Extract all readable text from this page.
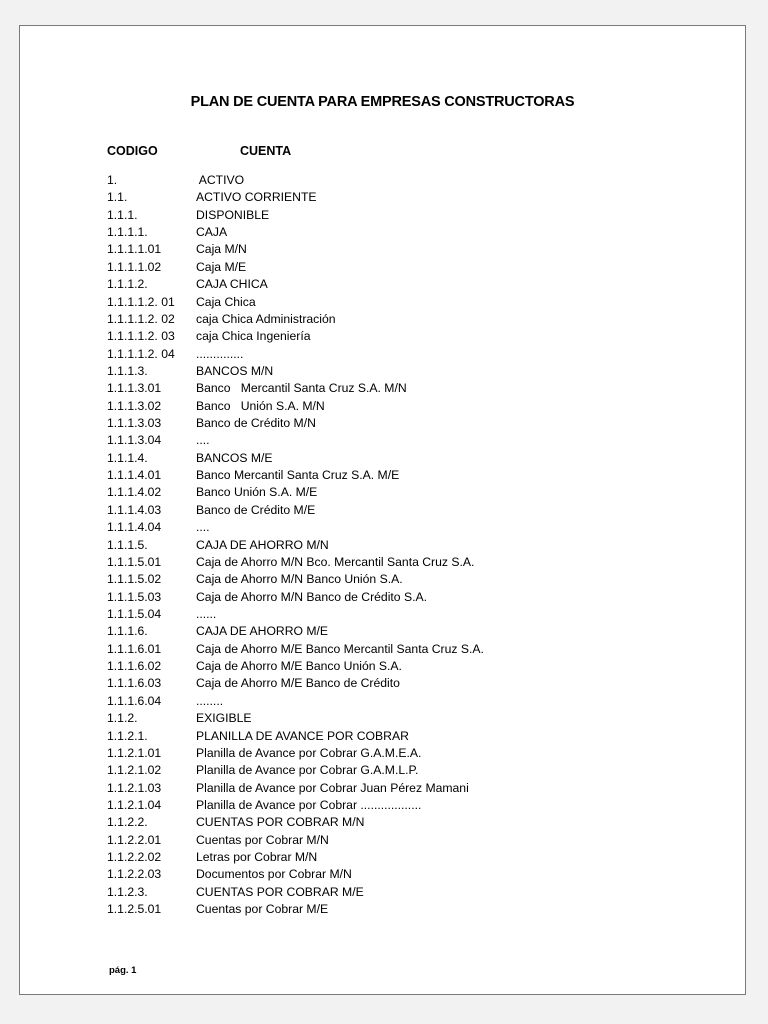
PLAN DE CUENTA PARA EMPRESAS CONSTRUCTORAS
CODIGO	CUENTA
1.	ACTIVO
1.1.	ACTIVO CORRIENTE
1.1.1.	DISPONIBLE
1.1.1.1.	CAJA
1.1.1.1.01	Caja M/N
1.1.1.1.02	Caja M/E
1.1.1.2.	CAJA CHICA
1.1.1.1.2. 01	Caja Chica
1.1.1.1.2. 02	caja Chica Administración
1.1.1.1.2. 03	caja Chica Ingeniería
1.1.1.1.2. 04	..............
1.1.1.3.	BANCOS M/N
1.1.1.3.01	Banco   Mercantil Santa Cruz S.A. M/N
1.1.1.3.02	Banco   Unión S.A. M/N
1.1.1.3.03	Banco de Crédito M/N
1.1.1.3.04	....
1.1.1.4.	BANCOS M/E
1.1.1.4.01	Banco Mercantil Santa Cruz S.A. M/E
1.1.1.4.02	Banco Unión S.A. M/E
1.1.1.4.03	Banco de Crédito M/E
1.1.1.4.04	....
1.1.1.5.	CAJA DE AHORRO M/N
1.1.1.5.01	Caja de Ahorro M/N Bco. Mercantil Santa Cruz S.A.
1.1.1.5.02	Caja de Ahorro M/N Banco Unión S.A.
1.1.1.5.03	Caja de Ahorro M/N Banco de Crédito S.A.
1.1.1.5.04	......
1.1.1.6.	CAJA DE AHORRO M/E
1.1.1.6.01	Caja de Ahorro M/E Banco Mercantil Santa Cruz S.A.
1.1.1.6.02	Caja de Ahorro M/E Banco Unión S.A.
1.1.1.6.03	Caja de Ahorro M/E Banco de Crédito
1.1.1.6.04	........
1.1.2.	EXIGIBLE
1.1.2.1.	PLANILLA DE AVANCE POR COBRAR
1.1.2.1.01	Planilla de Avance por Cobrar G.A.M.E.A.
1.1.2.1.02	Planilla de Avance por Cobrar G.A.M.L.P.
1.1.2.1.03	Planilla de Avance por Cobrar Juan Pérez Mamani
1.1.2.1.04	Planilla de Avance por Cobrar ..................
1.1.2.2.	CUENTAS POR COBRAR M/N
1.1.2.2.01	Cuentas por Cobrar M/N
1.1.2.2.02	Letras por Cobrar M/N
1.1.2.2.03	Documentos por Cobrar M/N
1.1.2.3.	CUENTAS POR COBRAR M/E
1.1.2.5.01	Cuentas por Cobrar M/E
pág. 1
